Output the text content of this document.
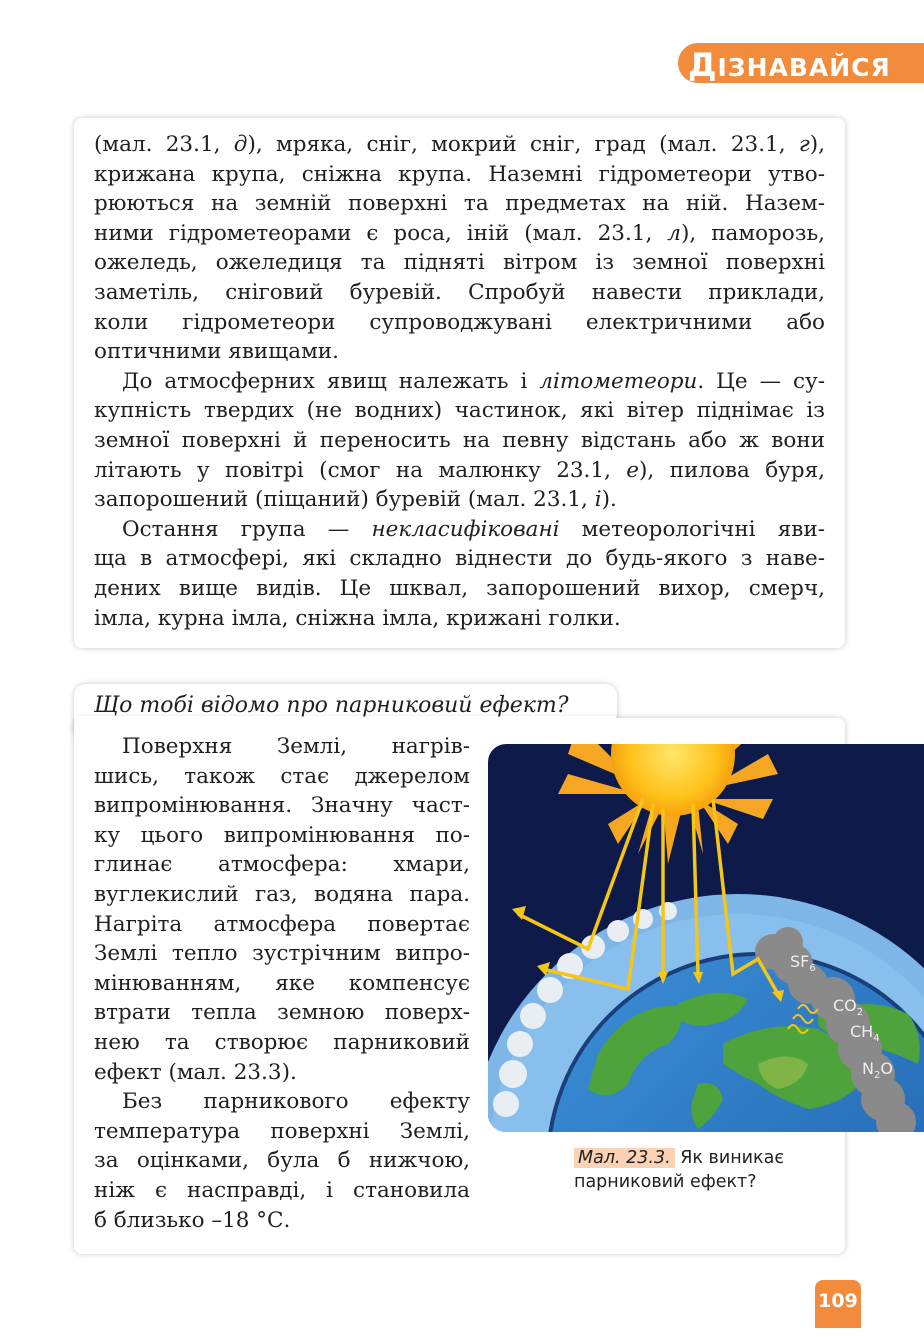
ДІЗНАВАЙСЯ
(мал. 23.1, д), мряка, сніг, мокрий сніг, град (мал. 23.1, г),
крижана крупа, сніжна крупа. Наземні гідрометеори утво-
рюються на земній поверхні та предметах на ній. Назем-
ними гідрометеорами є роса, іній (мал. 23.1, л), паморозь,
ожеледь, ожеледиця та підняті вітром із земної поверхні
заметіль, сніговий буревій. Спробуй навести приклади,
коли гідрометеори супроводжувані електричними або
оптичними явищами.
До атмосферних явищ належать і літометеори. Це — су-
купність твердих (не водних) частинок, які вітер піднімає із
земної поверхні й переносить на певну відстань або ж вони
літають у повітрі (смог на малюнку 23.1, е), пилова буря,
запорошений (піщаний) буревій (мал. 23.1, і).
Остання група — некласифіковані метеорологічні яви-
ща в атмосфері, які складно віднести до будь-якого з наве-
дених вище видів. Це шквал, запорошений вихор, смерч,
імла, курна імла, сніжна імла, крижані голки.
Що тобі відомо про парниковий ефект?
Поверхня Землі, нагрів-
шись, також стає джерелом
випромінювання. Значну част-
ку цього випромінювання по-
глинає атмосфера: хмари,
вуглекислий газ, водяна пара.
Нагріта атмосфера повертає
Землі тепло зустрічним випро-
мінюванням, яке компенсує
втрати тепла земною поверх-
нею та створює парниковий
ефект (мал. 23.3).
Без парникового ефекту
температура поверхні Землі,
за оцінками, була б нижчою,
ніж є насправді, і становила
б близько –18 °С.
$SF_6$
$CO_2$
$CH_4$
$N_2O$
Мал. 23.3. Як виникає парниковий ефект?
109
